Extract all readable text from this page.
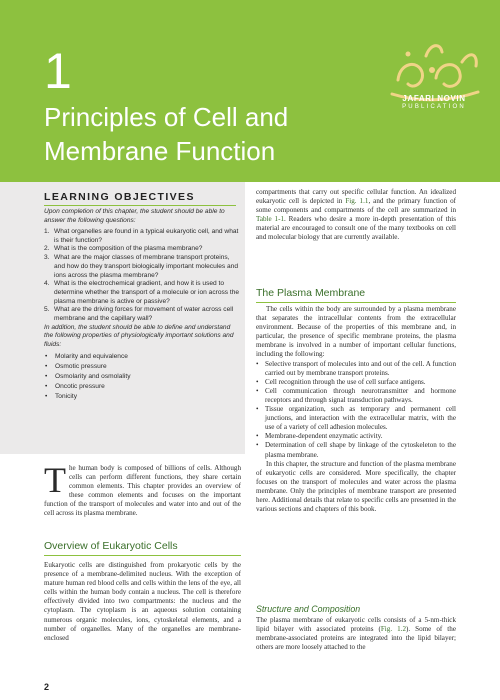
1
Principles of Cell and Membrane Function
JAFARI NOVIN
PUBLICATION
LEARNING OBJECTIVES
Upon completion of this chapter, the student should be able to answer the following questions:
1. What organelles are found in a typical eukaryotic cell, and what is their function?
2. What is the composition of the plasma membrane?
3. What are the major classes of membrane transport proteins, and how do they transport biologically important molecules and ions across the plasma membrane?
4. What is the electrochemical gradient, and how it is used to determine whether the transport of a molecule or ion across the plasma membrane is active or passive?
5. What are the driving forces for movement of water across cell membrane and the capillary wall?
In addition, the student should be able to define and understand the following properties of physiologically important solutions and fluids:
• Molarity and equivalence
• Osmotic pressure
• Osmolarity and osmolality
• Oncotic pressure
• Tonicity
The human body is composed of billions of cells. Although cells can perform different functions, they share certain common elements. This chapter provides an overview of these common elements and focuses on the important function of the transport of molecules and water into and out of the cell across its plasma membrane.
Overview of Eukaryotic Cells
Eukaryotic cells are distinguished from prokaryotic cells by the presence of a membrane-delimited nucleus. With the exception of mature human red blood cells and cells within the lens of the eye, all cells within the human body contain a nucleus. The cell is therefore effectively divided into two compartments: the nucleus and the cytoplasm. The cytoplasm is an aqueous solution containing numerous organic molecules, ions, cytoskeletal elements, and a number of organelles. Many of the organelles are membrane-enclosed
compartments that carry out specific cellular function. An idealized eukaryotic cell is depicted in Fig. 1.1, and the primary function of some components and compartments of the cell are summarized in Table 1-1. Readers who desire a more in-depth presentation of this material are encouraged to consult one of the many textbooks on cell and molecular biology that are currently available.
The Plasma Membrane
The cells within the body are surrounded by a plasma membrane that separates the intracellular contents from the extracellular environment. Because of the properties of this membrane and, in particular, the presence of specific membrane proteins, the plasma membrane is involved in a number of important cellular functions, including the following:
• Selective transport of molecules into and out of the cell. A function carried out by membrane transport proteins.
• Cell recognition through the use of cell surface antigens.
• Cell communication through neurotransmitter and hormone receptors and through signal transduction pathways.
• Tissue organization, such as temporary and permanent cell junctions, and interaction with the extracellular matrix, with the use of a variety of cell adhesion molecules.
• Membrane-dependent enzymatic activity.
• Determination of cell shape by linkage of the cytoskeleton to the plasma membrane.
In this chapter, the structure and function of the plasma membrane of eukaryotic cells are considered. More specifically, the chapter focuses on the transport of molecules and water across the plasma membrane. Only the principles of membrane transport are presented here. Additional details that relate to specific cells are presented in the various sections and chapters of this book.
Structure and Composition
The plasma membrane of eukaryotic cells consists of a 5-nm-thick lipid bilayer with associated proteins (Fig. 1.2). Some of the membrane-associated proteins are integrated into the lipid bilayer; others are more loosely attached to the
2
